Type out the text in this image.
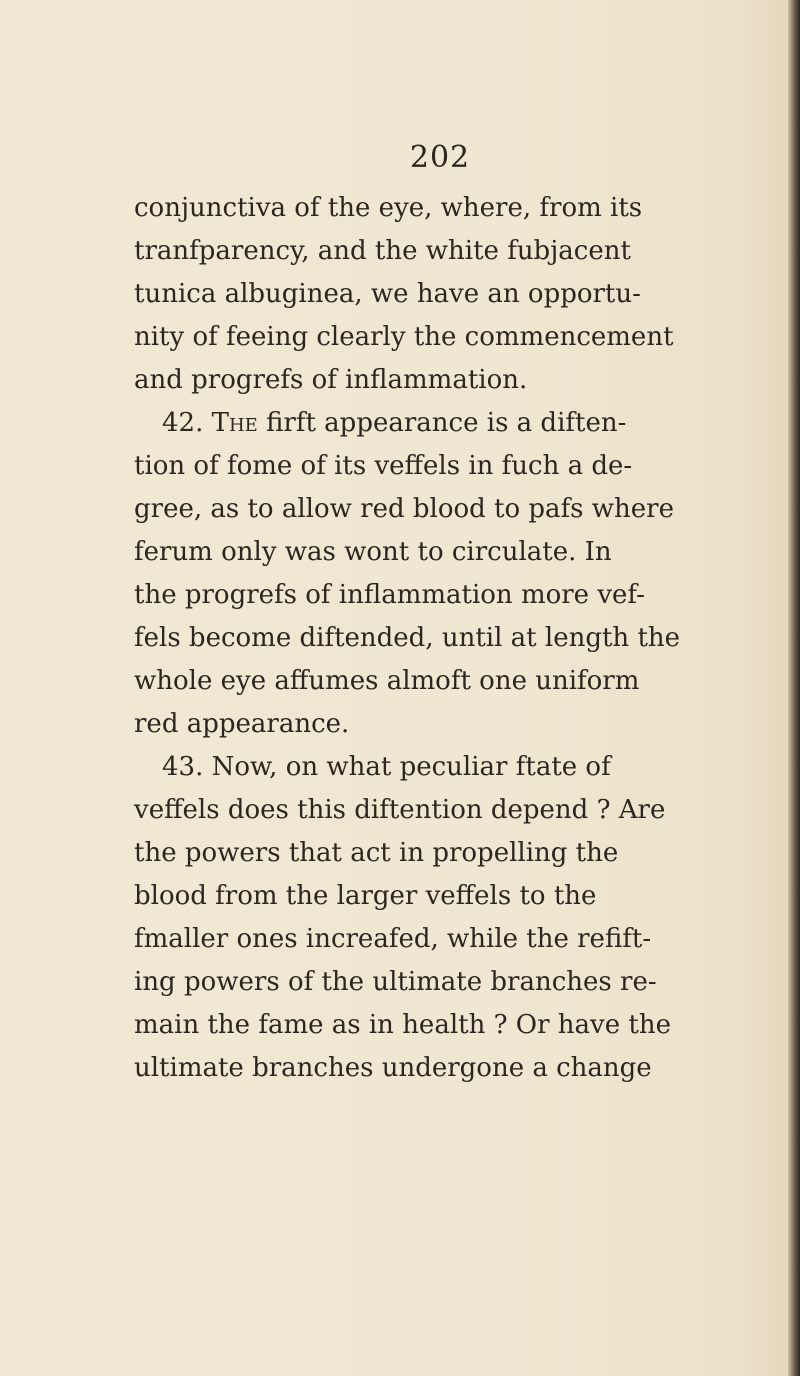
202
conjunctiva of the eye, where, from its
tranfparency, and the white fubjacent
tunica albuginea, we have an opportu-
nity of feeing clearly the commencement
and progrefs of inflammation.
42. The firft appearance is a diften-
tion of fome of its veffels in fuch a de-
gree, as to allow red blood to pafs where
ferum only was wont to circulate. In
the progrefs of inflammation more vef-
fels become diftended, until at length the
whole eye affumes almoft one uniform
red appearance.
43. Now, on what peculiar ftate of
veffels does this diftention depend ? Are
the powers that act in propelling the
blood from the larger veffels to the
fmaller ones increafed, while the refift-
ing powers of the ultimate branches re-
main the fame as in health ? Or have the
ultimate branches undergone a change
